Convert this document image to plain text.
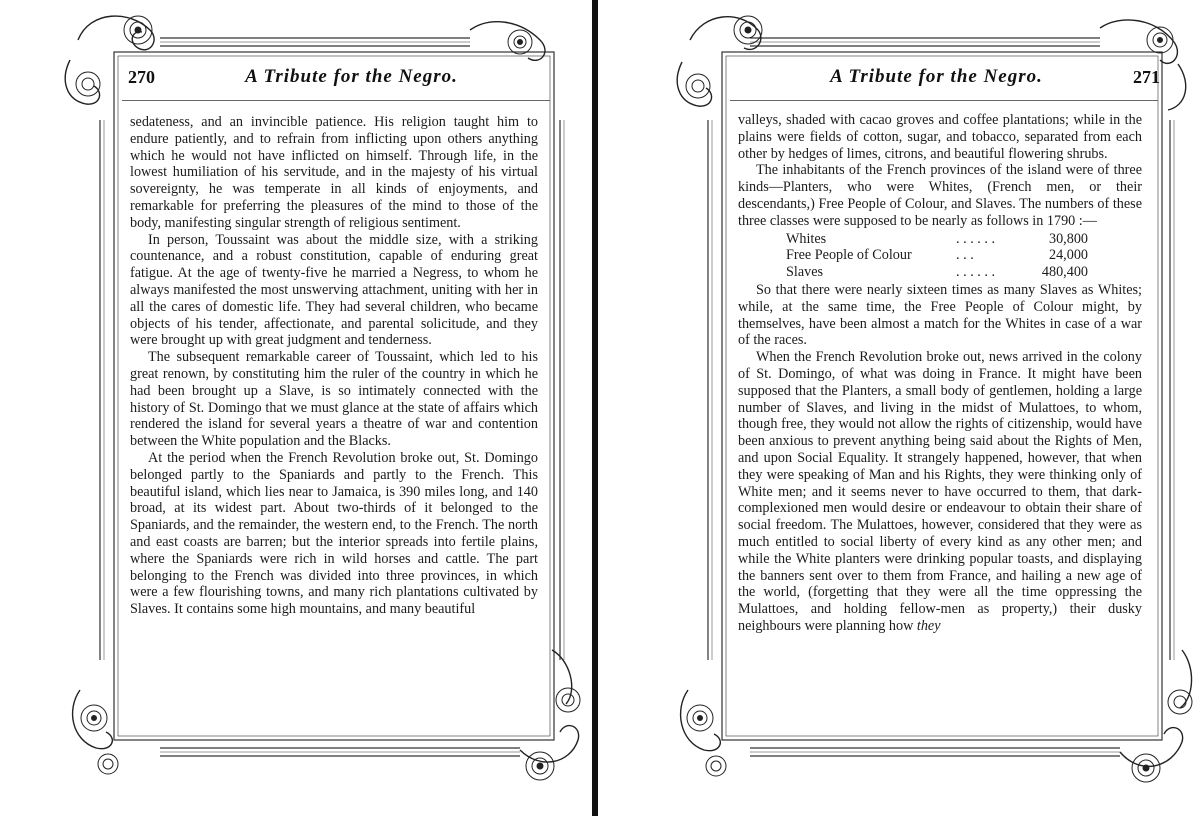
270	A Tribute for the Negro.

sedateness, and an invincible patience. His religion taught him to endure patiently, and to refrain from inflicting upon others anything which he would not have inflicted on himself. Through life, in the lowest humiliation of his servitude, and in the majesty of his virtual sovereignty, he was temperate in all kinds of enjoyments, and remarkable for preferring the pleasures of the mind to those of the body, manifesting singular strength of religious sentiment.

In person, Toussaint was about the middle size, with a striking countenance, and a robust constitution, capable of enduring great fatigue. At the age of twenty-five he married a Negress, to whom he always manifested the most unswerving attachment, uniting with her in all the cares of domestic life. They had several children, who became objects of his tender, affectionate, and parental solicitude, and they were brought up with great judgment and tenderness.

The subsequent remarkable career of Toussaint, which led to his great renown, by constituting him the ruler of the country in which he had been brought up a Slave, is so intimately connected with the history of St. Domingo that we must glance at the state of affairs which rendered the island for several years a theatre of war and contention between the White population and the Blacks.

At the period when the French Revolution broke out, St. Domingo belonged partly to the Spaniards and partly to the French. This beautiful island, which lies near to Jamaica, is 390 miles long, and 140 broad, at its widest part. About two-thirds of it belonged to the Spaniards, and the remainder, the western end, to the French. The north and east coasts are barren; but the interior spreads into fertile plains, where the Spaniards were rich in wild horses and cattle. The part belonging to the French was divided into three provinces, in which were a few flourishing towns, and many rich plantations cultivated by Slaves. It contains some high mountains, and many beautiful

A Tribute for the Negro.	271

valleys, shaded with cacao groves and coffee plantations; while in the plains were fields of cotton, sugar, and tobacco, separated from each other by hedges of limes, citrons, and beautiful flowering shrubs.

The inhabitants of the French provinces of the island were of three kinds—Planters, who were Whites, (French men, or their descendants,) Free People of Colour, and Slaves. The numbers of these three classes were supposed to be nearly as follows in 1790 :—

Whites	. . . . . .	30,800
Free People of Colour	. . .	24,000
Slaves	. . . . . .	480,400

So that there were nearly sixteen times as many Slaves as Whites; while, at the same time, the Free People of Colour might, by themselves, have been almost a match for the Whites in case of a war of the races.

When the French Revolution broke out, news arrived in the colony of St. Domingo, of what was doing in France. It might have been supposed that the Planters, a small body of gentlemen, holding a large number of Slaves, and living in the midst of Mulattoes, to whom, though free, they would not allow the rights of citizenship, would have been anxious to prevent anything being said about the Rights of Men, and upon Social Equality. It strangely happened, however, that when they were speaking of Man and his Rights, they were thinking only of White men; and it seems never to have occurred to them, that dark-complexioned men would desire or endeavour to obtain their share of social freedom. The Mulattoes, however, considered that they were as much entitled to social liberty of every kind as any other men; and while the White planters were drinking popular toasts, and displaying the banners sent over to them from France, and hailing a new age of the world, (forgetting that they were all the time oppressing the Mulattoes, and holding fellow-men as property,) their dusky neighbours were planning how they
